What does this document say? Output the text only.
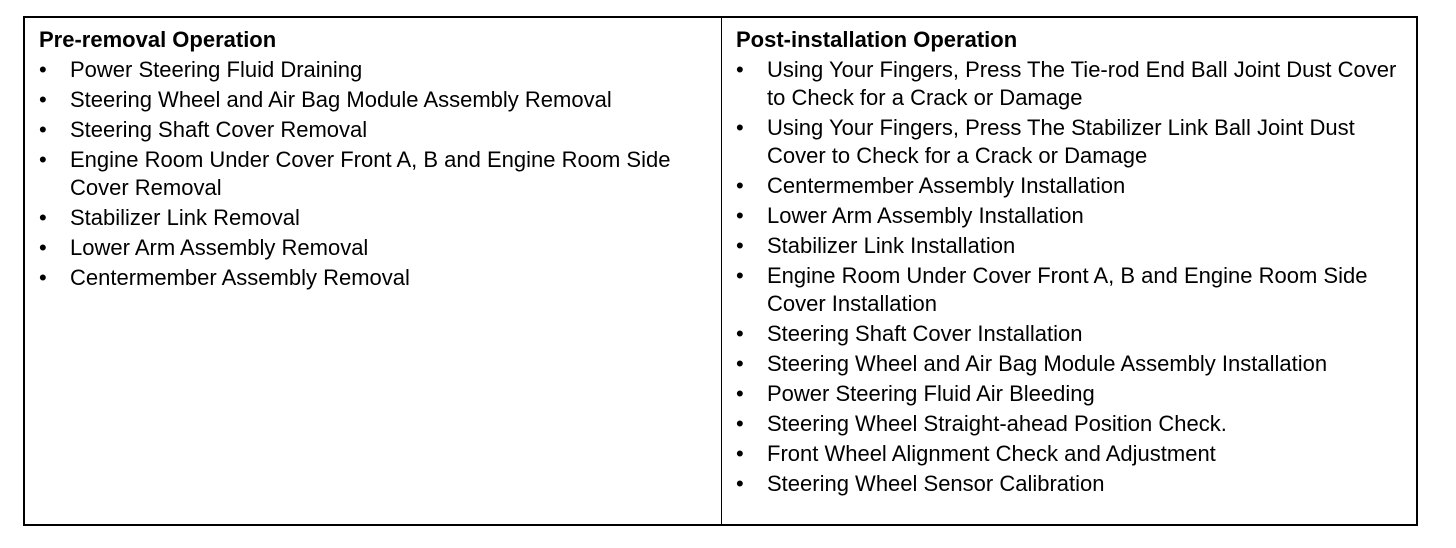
Pre-removal Operation
•	Power Steering Fluid Draining
•	Steering Wheel and Air Bag Module Assembly Removal
•	Steering Shaft Cover Removal
•	Engine Room Under Cover Front A, B and Engine Room Side Cover Removal
•	Stabilizer Link Removal
•	Lower Arm Assembly Removal
•	Centermember Assembly Removal
Post-installation Operation
•	Using Your Fingers, Press The Tie-rod End Ball Joint Dust Cover to Check for a Crack or Damage
•	Using Your Fingers, Press The Stabilizer Link Ball Joint Dust Cover to Check for a Crack or Damage
•	Centermember Assembly Installation
•	Lower Arm Assembly Installation
•	Stabilizer Link Installation
•	Engine Room Under Cover Front A, B and Engine Room Side Cover Installation
•	Steering Shaft Cover Installation
•	Steering Wheel and Air Bag Module Assembly Installation
•	Power Steering Fluid Air Bleeding
•	Steering Wheel Straight-ahead Position Check.
•	Front Wheel Alignment Check and Adjustment
•	Steering Wheel Sensor Calibration
